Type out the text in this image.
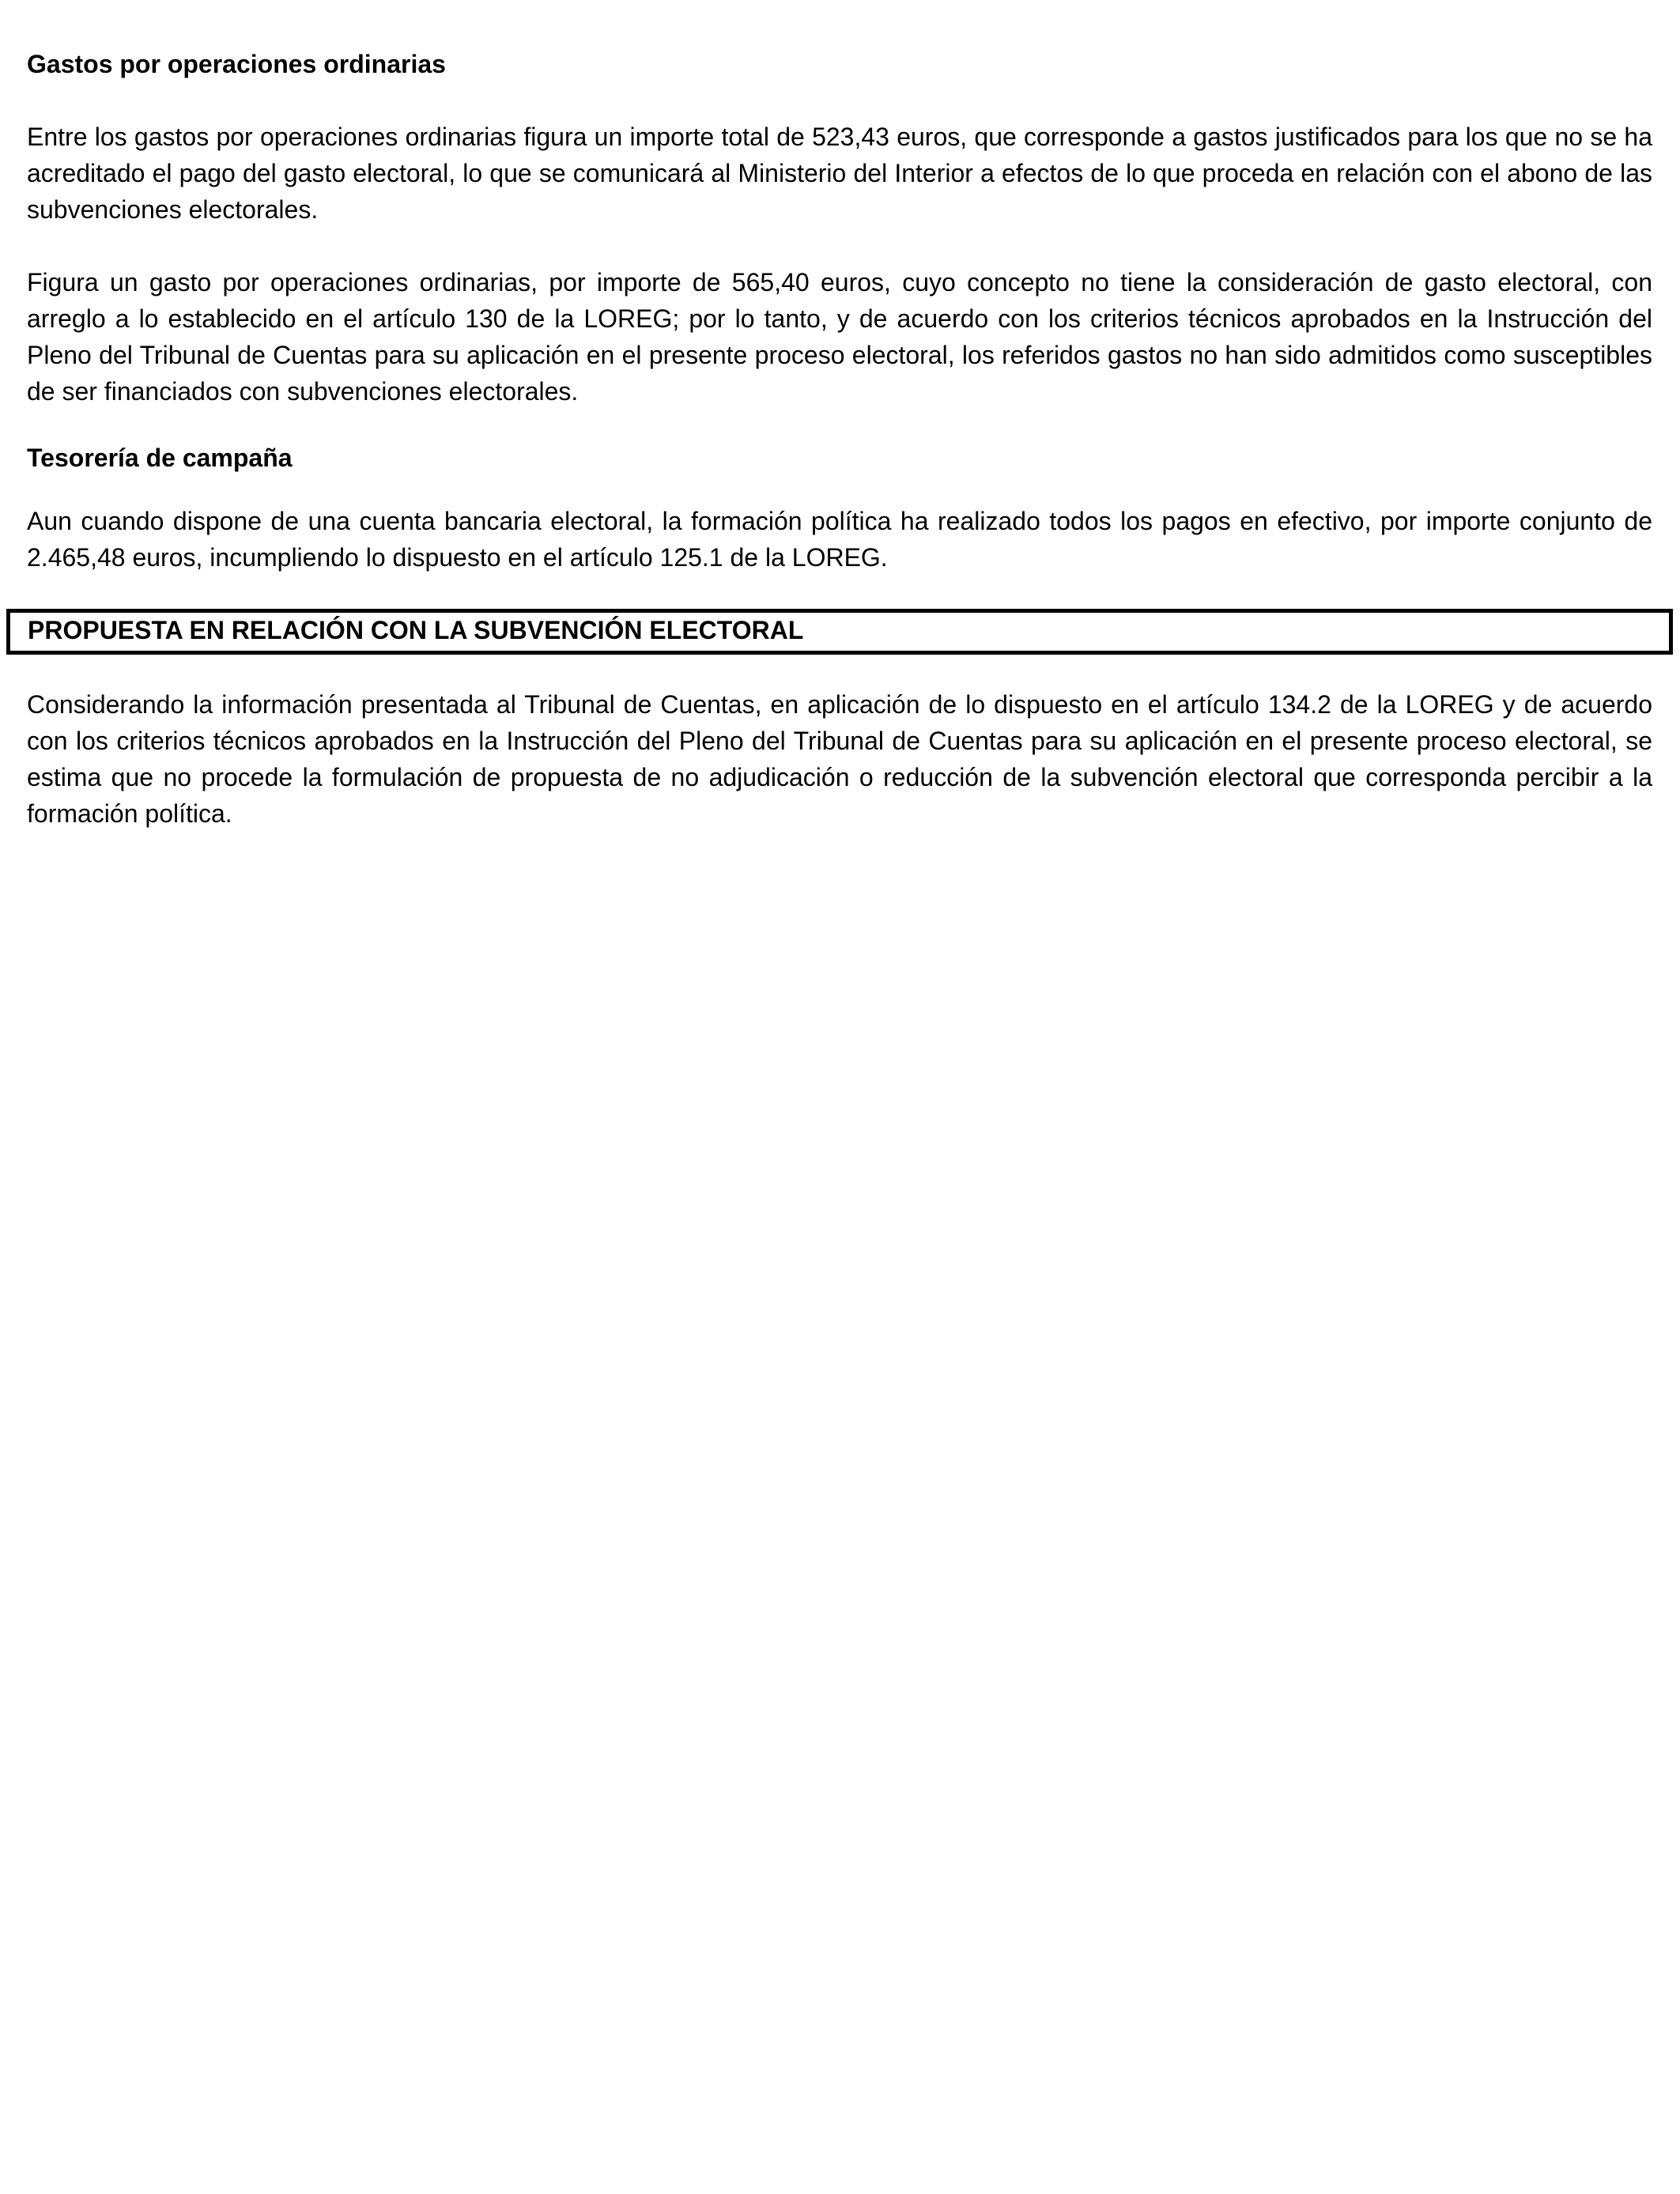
Gastos por operaciones ordinarias

Entre los gastos por operaciones ordinarias figura un importe total de 523,43 euros, que corresponde a gastos justificados para los que no se ha acreditado el pago del gasto electoral, lo que se comunicará al Ministerio del Interior a efectos de lo que proceda en relación con el abono de las subvenciones electorales.

Figura un gasto por operaciones ordinarias, por importe de 565,40 euros, cuyo concepto no tiene la consideración de gasto electoral, con arreglo a lo establecido en el artículo 130 de la LOREG; por lo tanto, y de acuerdo con los criterios técnicos aprobados en la Instrucción del Pleno del Tribunal de Cuentas para su aplicación en el presente proceso electoral, los referidos gastos no han sido admitidos como susceptibles de ser financiados con subvenciones electorales.

Tesorería de campaña

Aun cuando dispone de una cuenta bancaria electoral, la formación política ha realizado todos los pagos en efectivo, por importe conjunto de 2.465,48 euros, incumpliendo lo dispuesto en el artículo 125.1 de la LOREG.

PROPUESTA EN RELACIÓN CON LA SUBVENCIÓN ELECTORAL

Considerando la información presentada al Tribunal de Cuentas, en aplicación de lo dispuesto en el artículo 134.2 de la LOREG y de acuerdo con los criterios técnicos aprobados en la Instrucción del Pleno del Tribunal de Cuentas para su aplicación en el presente proceso electoral, se estima que no procede la formulación de propuesta de no adjudicación o reducción de la subvención electoral que corresponda percibir a la formación política.
